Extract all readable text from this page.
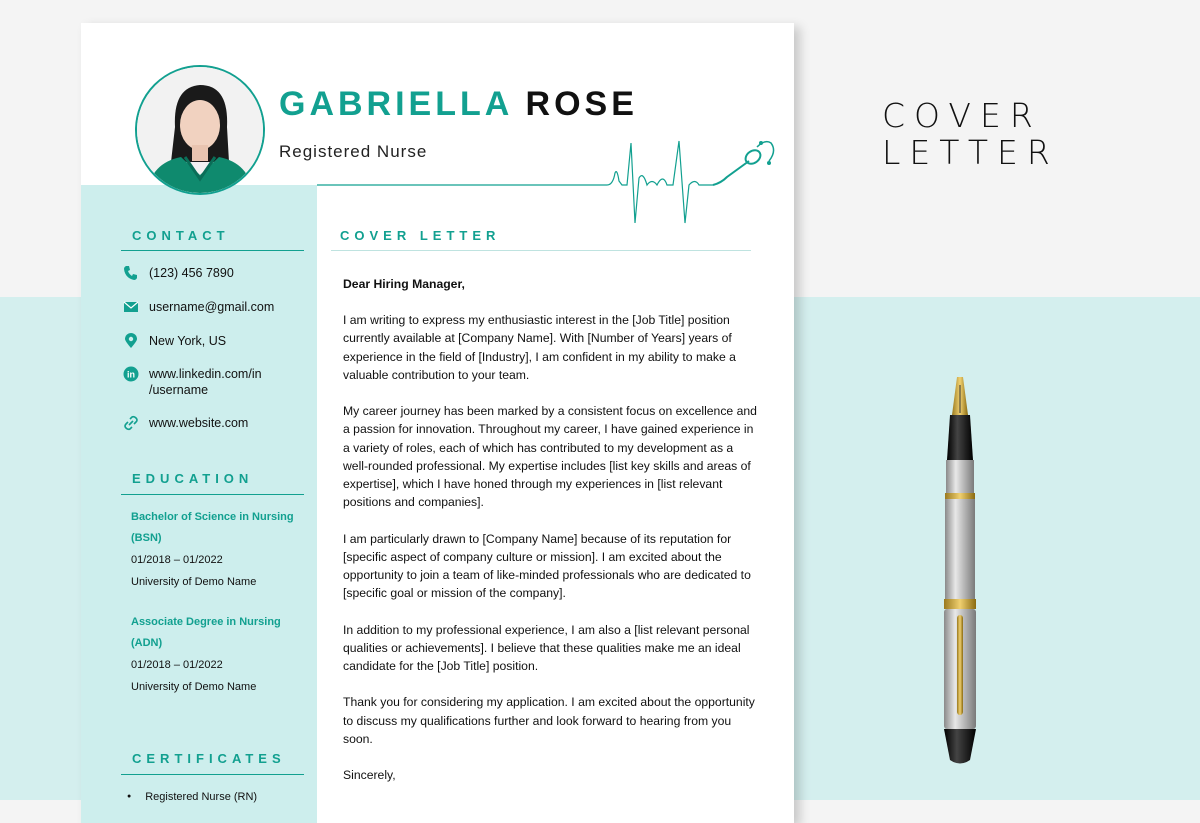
COVER
LETTER
GABRIELLA ROSE
Registered Nurse
CONTACT
(123) 456 7890
username@gmail.com
New York, US
in www.linkedin.com/in
/username
www.website.com
EDUCATION
Bachelor of Science in Nursing (BSN)
01/2018 – 01/2022
University of Demo Name
Associate Degree in Nursing (ADN)
01/2018 – 01/2022
University of Demo Name
CERTIFICATES
● Registered Nurse (RN)
COVER LETTER

Dear Hiring Manager,

I am writing to express my enthusiastic interest in the [Job Title] position currently available at [Company Name]. With [Number of Years] years of experience in the field of [Industry], I am confident in my ability to make a valuable contribution to your team.

My career journey has been marked by a consistent focus on excellence and a passion for innovation. Throughout my career, I have gained experience in a variety of roles, each of which has contributed to my development as a well-rounded professional. My expertise includes [list key skills and areas of expertise], which I have honed through my experiences in [list relevant positions and companies].

I am particularly drawn to [Company Name] because of its reputation for [specific aspect of company culture or mission]. I am excited about the opportunity to join a team of like-minded professionals who are dedicated to [specific goal or mission of the company].

In addition to my professional experience, I am also a [list relevant personal qualities or achievements]. I believe that these qualities make me an ideal candidate for the [Job Title] position.

Thank you for considering my application. I am excited about the opportunity to discuss my qualifications further and look forward to hearing from you soon.

Sincerely,
